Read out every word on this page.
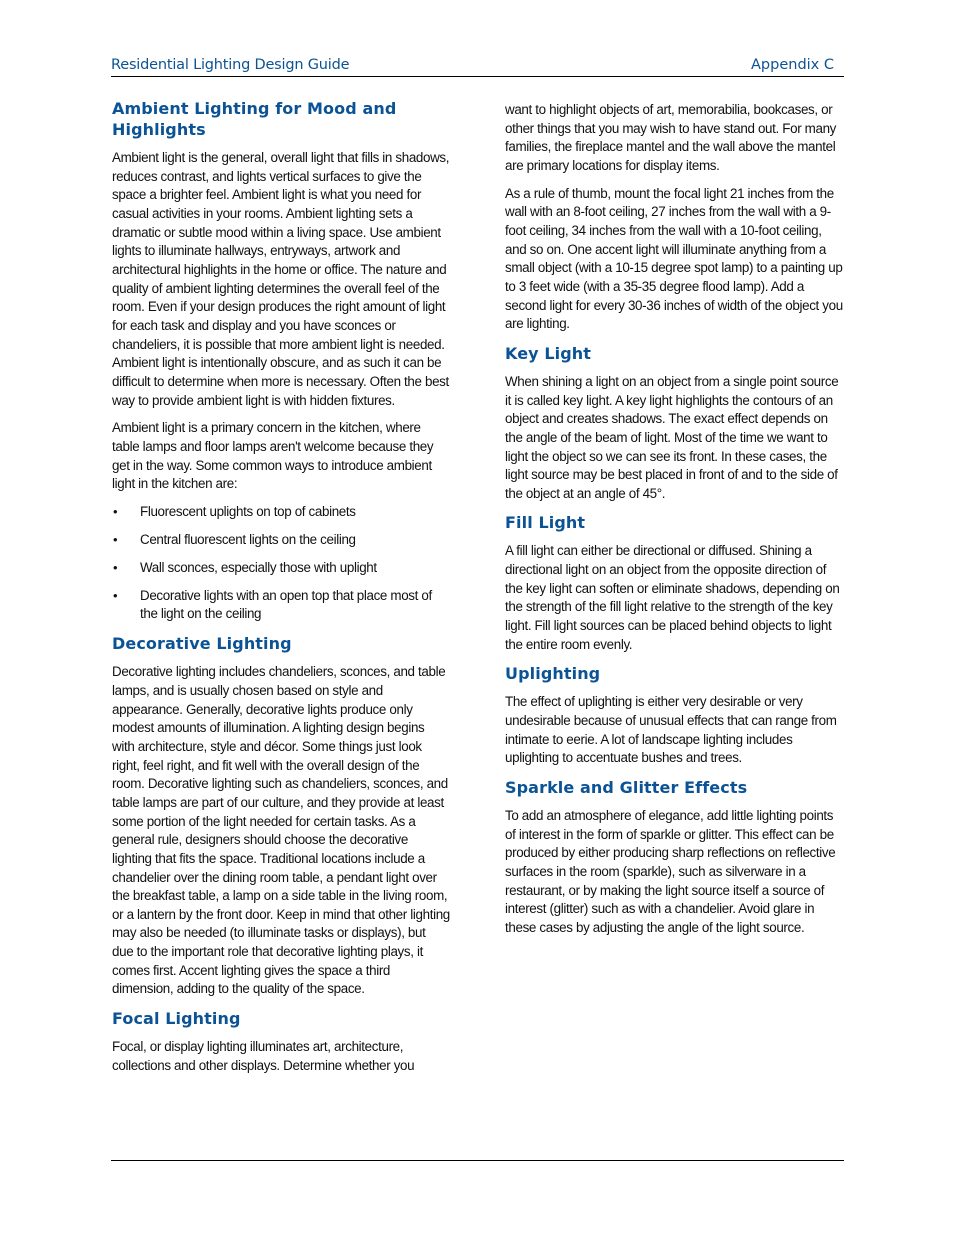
Residential Lighting Design Guide	Appendix C
Ambient Lighting for Mood and Highlights

Ambient light is the general, overall light that fills in shadows, reduces contrast, and lights vertical surfaces to give the space a brighter feel. Ambient light is what you need for casual activities in your rooms. Ambient lighting sets a dramatic or subtle mood within a living space. Use ambient lights to illuminate hallways, entryways, artwork and architectural highlights in the home or office. The nature and quality of ambient lighting determines the overall feel of the room. Even if your design produces the right amount of light for each task and display and you have sconces or chandeliers, it is possible that more ambient light is needed. Ambient light is intentionally obscure, and as such it can be difficult to determine when more is necessary. Often the best way to provide ambient light is with hidden fixtures.

Ambient light is a primary concern in the kitchen, where table lamps and floor lamps aren't welcome because they get in the way. Some common ways to introduce ambient light in the kitchen are:

• Fluorescent uplights on top of cabinets
• Central fluorescent lights on the ceiling
• Wall sconces, especially those with uplight
• Decorative lights with an open top that place most of the light on the ceiling
Decorative Lighting

Decorative lighting includes chandeliers, sconces, and table lamps, and is usually chosen based on style and appearance. Generally, decorative lights produce only modest amounts of illumination. A lighting design begins with architecture, style and décor. Some things just look right, feel right, and fit well with the overall design of the room. Decorative lighting such as chandeliers, sconces, and table lamps are part of our culture, and they provide at least some portion of the light needed for certain tasks. As a general rule, designers should choose the decorative lighting that fits the space. Traditional locations include a chandelier over the dining room table, a pendant light over the breakfast table, a lamp on a side table in the living room, or a lantern by the front door. Keep in mind that other lighting may also be needed (to illuminate tasks or displays), but due to the important role that decorative lighting plays, it comes first. Accent lighting gives the space a third dimension, adding to the quality of the space.

Focal Lighting

Focal, or display lighting illuminates art, architecture, collections and other displays. Determine whether you

want to highlight objects of art, memorabilia, bookcases, or other things that you may wish to have stand out. For many families, the fireplace mantel and the wall above the mantel are primary locations for display items.

As a rule of thumb, mount the focal light 21 inches from the wall with an 8-foot ceiling, 27 inches from the wall with a 9-foot ceiling, 34 inches from the wall with a 10-foot ceiling, and so on. One accent light will illuminate anything from a small object (with a 10-15 degree spot lamp) to a painting up to 3 feet wide (with a 35-35 degree flood lamp). Add a second light for every 30-36 inches of width of the object you are lighting.

Key Light

When shining a light on an object from a single point source it is called key light. A key light highlights the contours of an object and creates shadows. The exact effect depends on the angle of the beam of light. Most of the time we want to light the object so we can see its front. In these cases, the light source may be best placed in front of and to the side of the object at an angle of 45°.

Fill Light

A fill light can either be directional or diffused. Shining a directional light on an object from the opposite direction of the key light can soften or eliminate shadows, depending on the strength of the fill light relative to the strength of the key light. Fill light sources can be placed behind objects to light the entire room evenly.

Uplighting

The effect of uplighting is either very desirable or very undesirable because of unusual effects that can range from intimate to eerie. A lot of landscape lighting includes uplighting to accentuate bushes and trees.

Sparkle and Glitter Effects

To add an atmosphere of elegance, add little lighting points of interest in the form of sparkle or glitter. This effect can be produced by either producing sharp reflections on reflective surfaces in the room (sparkle), such as silverware in a restaurant, or by making the light source itself a source of interest (glitter) such as with a chandelier. Avoid glare in these cases by adjusting the angle of the light source.
